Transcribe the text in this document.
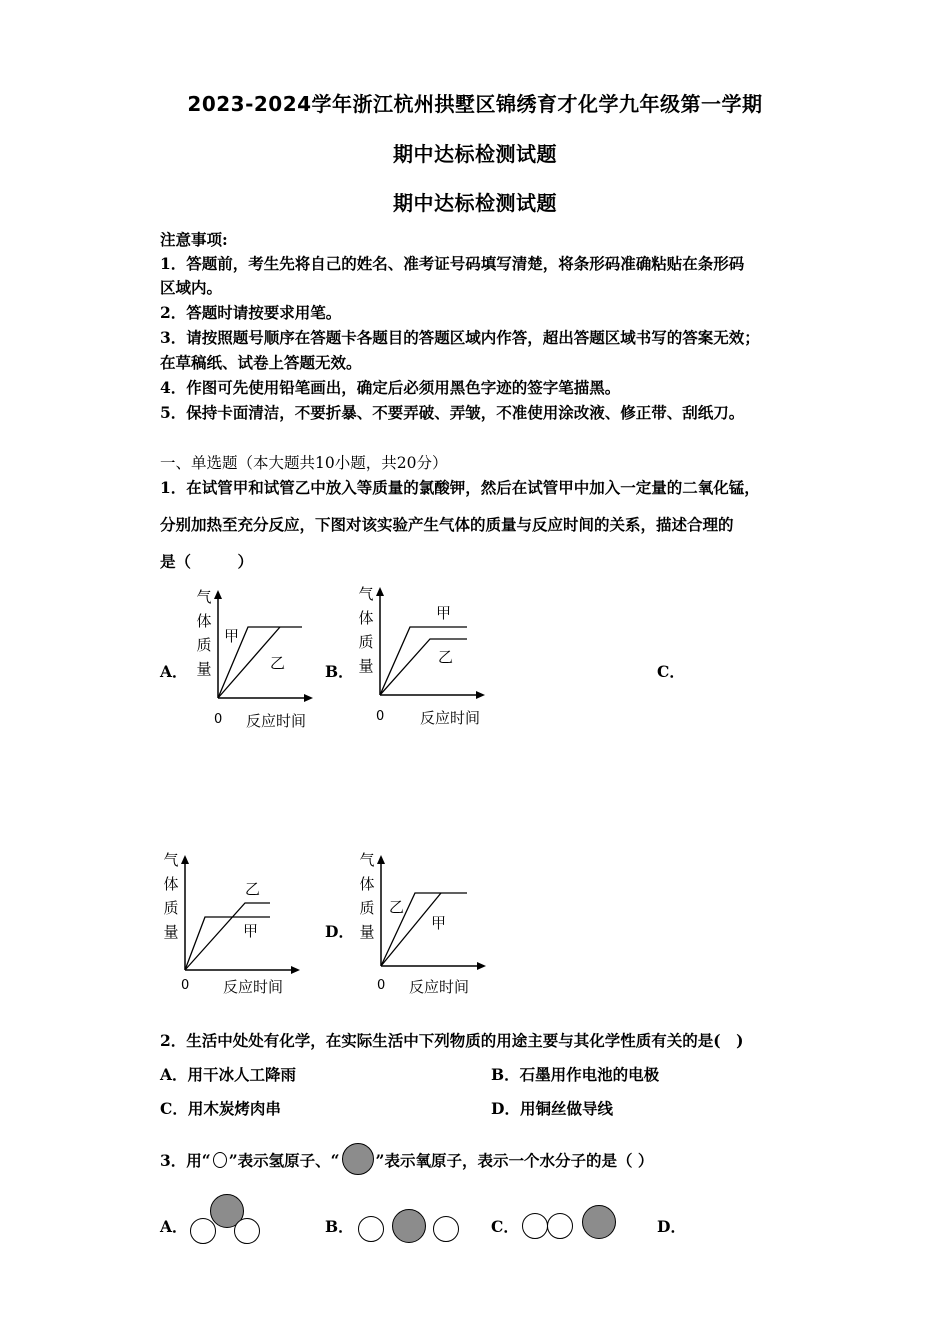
2023-2024学年浙江杭州拱墅区锦绣育才化学九年级第一学期
期中达标检测试题
期中达标检测试题
注意事项:
1．答题前，考生先将自己的姓名、准考证号码填写清楚，将条形码准确粘贴在条形码
区域内。
2．答题时请按要求用笔。
3．请按照题号顺序在答题卡各题目的答题区域内作答，超出答题区域书写的答案无效；
在草稿纸、试卷上答题无效。
4．作图可先使用铅笔画出，确定后必须用黑色字迹的签字笔描黑。
5．保持卡面清洁，不要折暴、不要弄破、弄皱，不准使用涂改液、修正带、刮纸刀。
一、单选题（本大题共10小题，共20分）
1．在试管甲和试管乙中放入等质量的氯酸钾，然后在试管甲中加入一定量的二氧化锰，
分别加热至充分反应，下图对该实验产生气体的质量与反应时间的关系，描述合理的
是（　　　）
A．	B．	C．
D．
气
体
质
量
甲
乙
0 反应时间
气
体
质
量
甲
乙
0 反应时间
气
体
质
量	甲
乙
0 反应时间
气
体
质
量
乙
甲
0 反应时间
2．生活中处处有化学，在实际生活中下列物质的用途主要与其化学性质有关的是(　)
A．用干冰人工降雨	B．石墨用作电池的电极
C．用木炭烤肉串	D．用铜丝做导线
3．用“ ”表示氢原子、“ ”表示氧原子，表示一个水分子的是（ ）
A．	B．	C．	D．
